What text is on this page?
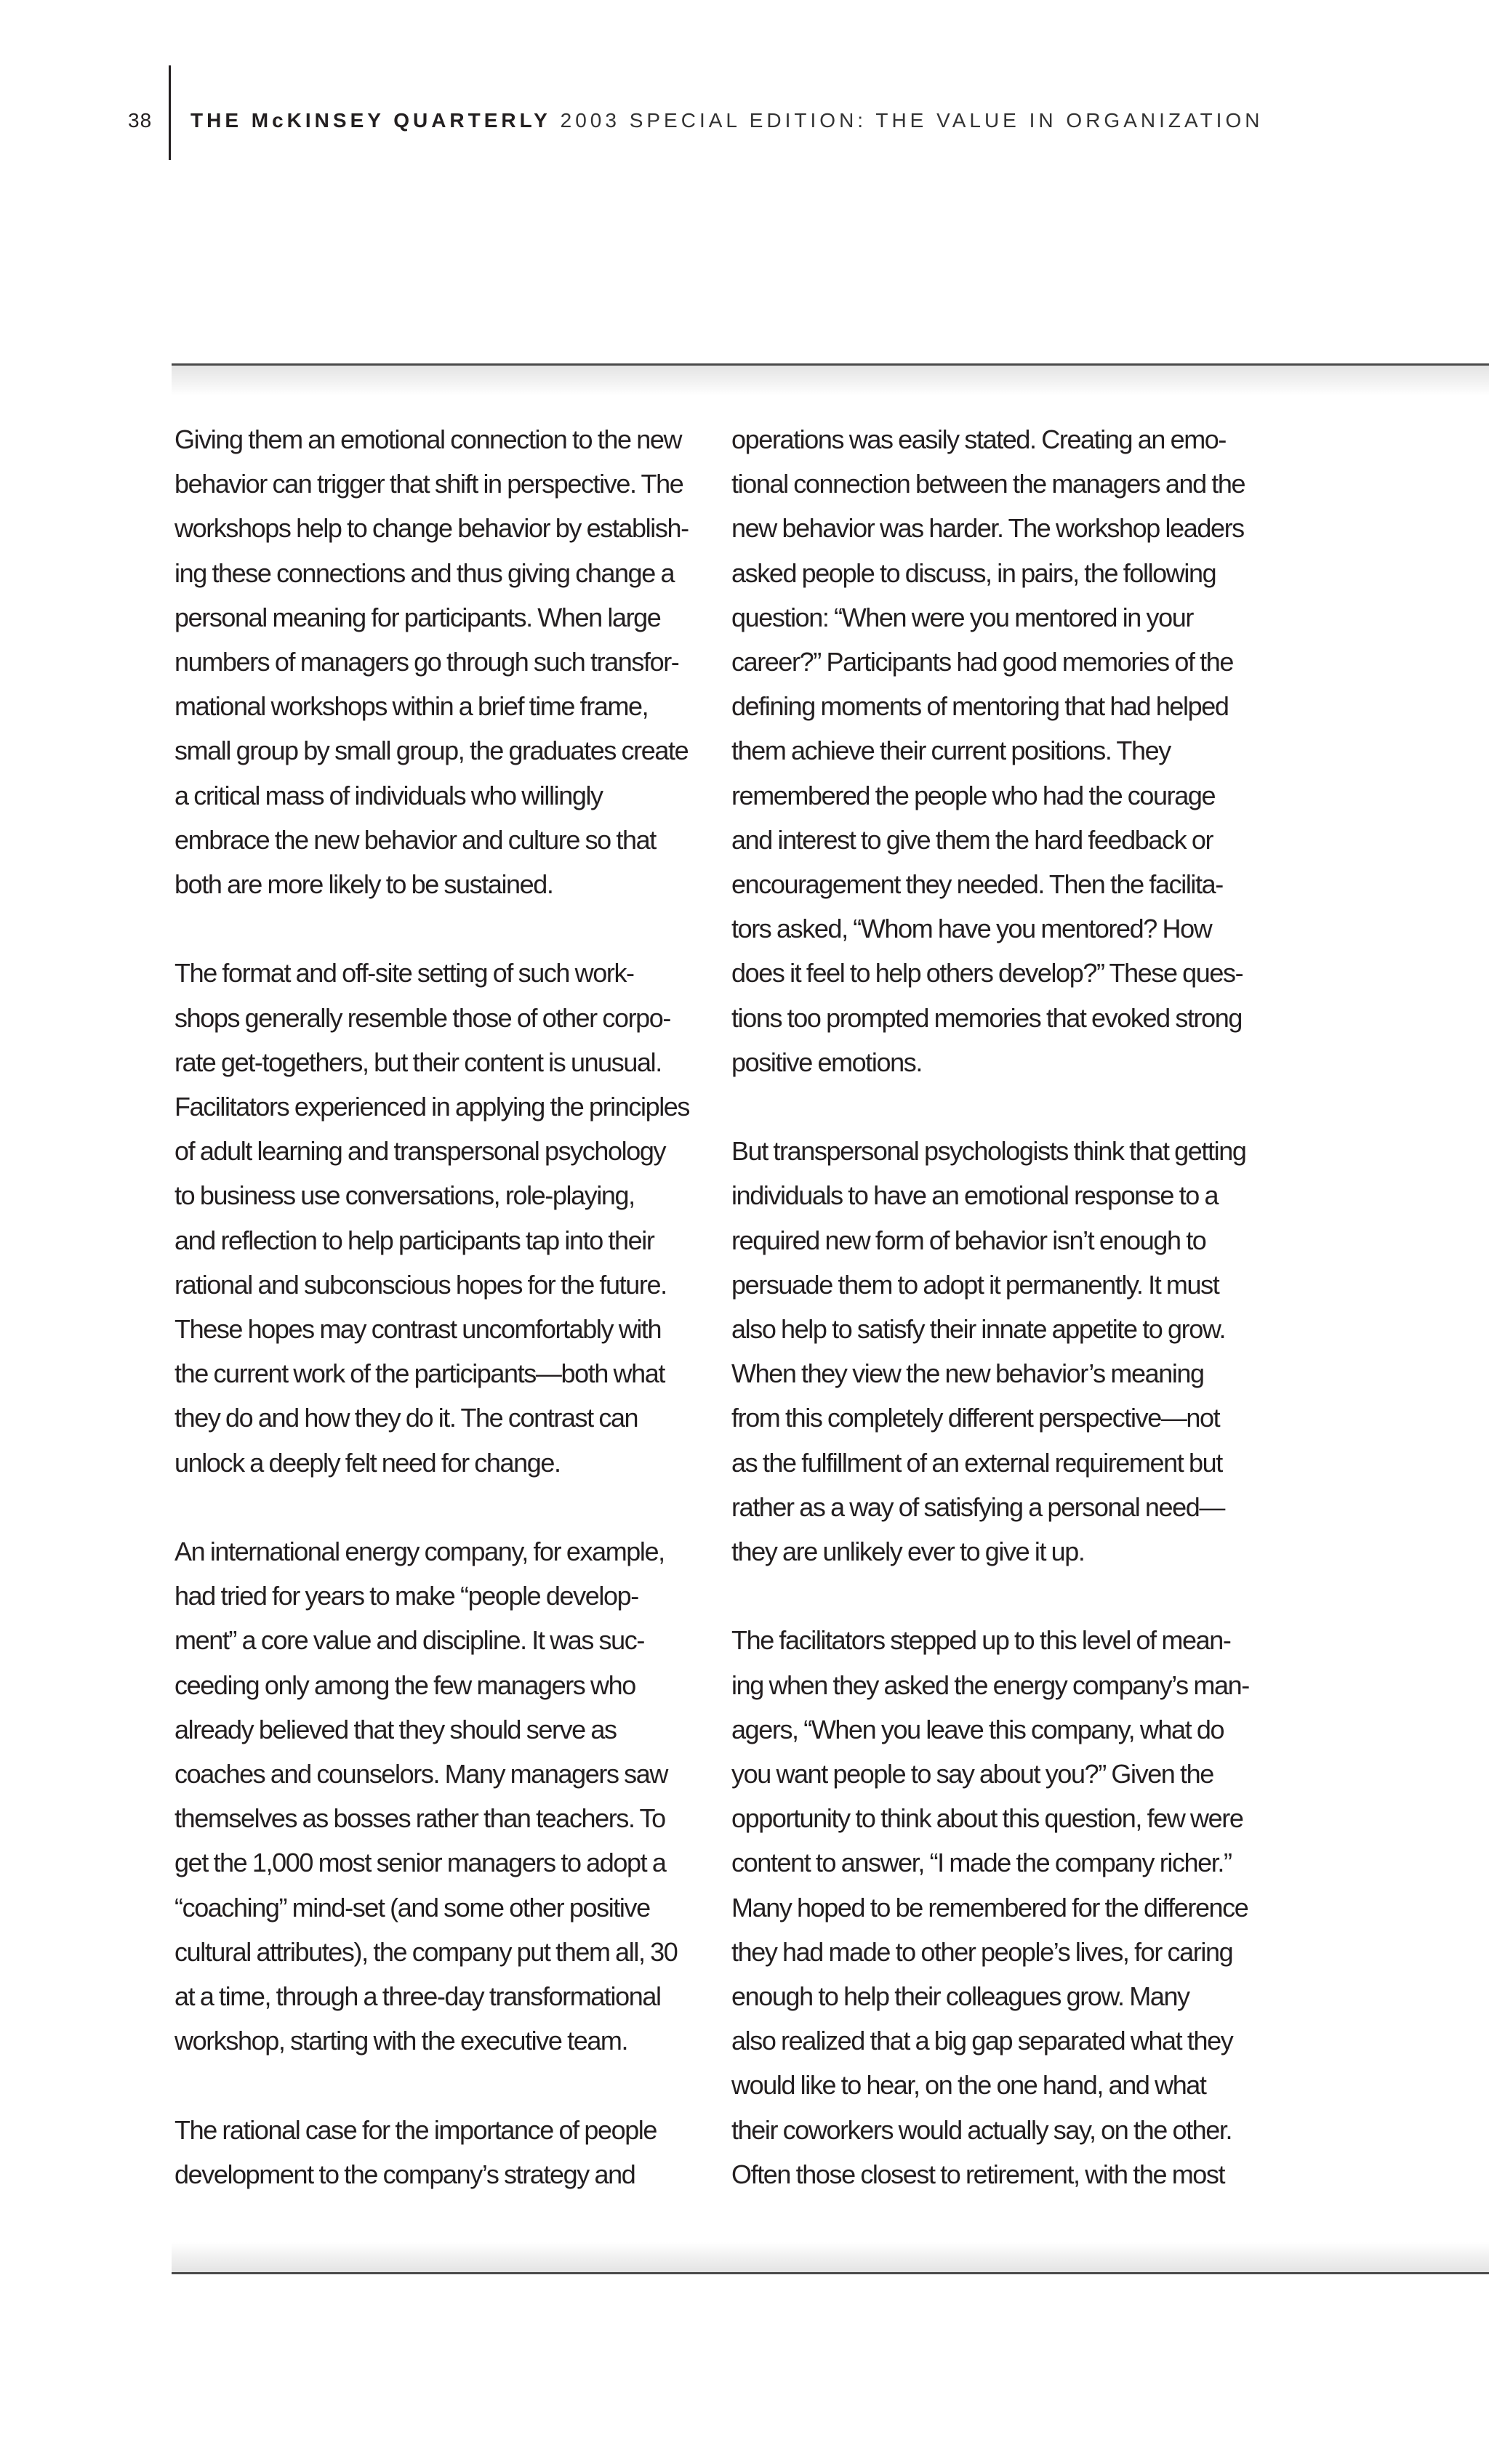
38 THE McKINSEY QUARTERLY 2003 SPECIAL EDITION: THE VALUE IN ORGANIZATION

Giving them an emotional connection to the new
behavior can trigger that shift in perspective. The
workshops help to change behavior by establish-
ing these connections and thus giving change a
personal meaning for participants. When large
numbers of managers go through such transfor-
mational workshops within a brief time frame,
small group by small group, the graduates create
a critical mass of individuals who willingly
embrace the new behavior and culture so that
both are more likely to be sustained.

The format and off-site setting of such work-
shops generally resemble those of other corpo-
rate get-togethers, but their content is unusual.
Facilitators experienced in applying the principles
of adult learning and transpersonal psychology
to business use conversations, role-playing,
and reflection to help participants tap into their
rational and subconscious hopes for the future.
These hopes may contrast uncomfortably with
the current work of the participants—both what
they do and how they do it. The contrast can
unlock a deeply felt need for change.

An international energy company, for example,
had tried for years to make “people develop-
ment” a core value and discipline. It was suc-
ceeding only among the few managers who
already believed that they should serve as
coaches and counselors. Many managers saw
themselves as bosses rather than teachers. To
get the 1,000 most senior managers to adopt a
“coaching” mind-set (and some other positive
cultural attributes), the company put them all, 30
at a time, through a three-day transformational
workshop, starting with the executive team.

The rational case for the importance of people
development to the company’s strategy and

operations was easily stated. Creating an emo-
tional connection between the managers and the
new behavior was harder. The workshop leaders
asked people to discuss, in pairs, the following
question: “When were you mentored in your
career?” Participants had good memories of the
defining moments of mentoring that had helped
them achieve their current positions. They
remembered the people who had the courage
and interest to give them the hard feedback or
encouragement they needed. Then the facilita-
tors asked, “Whom have you mentored? How
does it feel to help others develop?” These ques-
tions too prompted memories that evoked strong
positive emotions.

But transpersonal psychologists think that getting
individuals to have an emotional response to a
required new form of behavior isn’t enough to
persuade them to adopt it permanently. It must
also help to satisfy their innate appetite to grow.
When they view the new behavior’s meaning
from this completely different perspective—not
as the fulfillment of an external requirement but
rather as a way of satisfying a personal need—
they are unlikely ever to give it up.

The facilitators stepped up to this level of mean-
ing when they asked the energy company’s man-
agers, “When you leave this company, what do
you want people to say about you?” Given the
opportunity to think about this question, few were
content to answer, “I made the company richer.”
Many hoped to be remembered for the difference
they had made to other people’s lives, for caring
enough to help their colleagues grow. Many
also realized that a big gap separated what they
would like to hear, on the one hand, and what
their coworkers would actually say, on the other.
Often those closest to retirement, with the most
